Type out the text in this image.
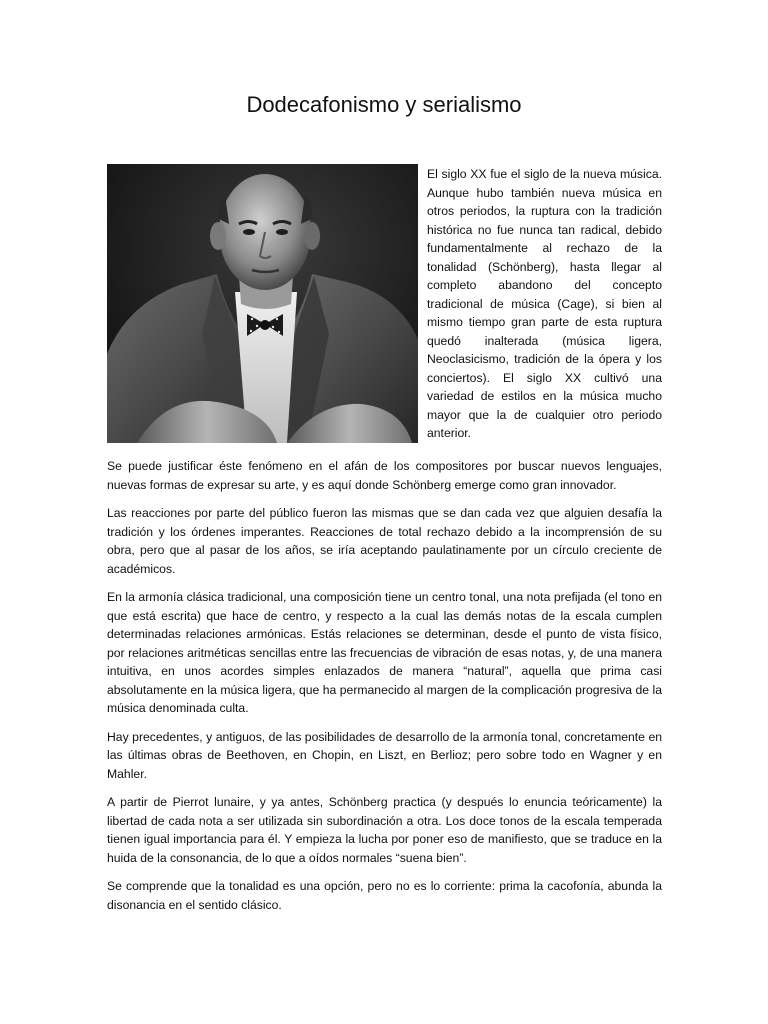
Dodecafonismo y serialismo

El siglo XX fue el siglo de la nueva música. Aunque hubo también nueva música en otros periodos, la ruptura con la tradición histórica no fue nunca tan radical, debido fundamentalmente al rechazo de la tonalidad (Schönberg), hasta llegar al completo abandono del concepto tradicional de música (Cage), si bien al mismo tiempo gran parte de esta ruptura quedó inalterada (música ligera, Neoclasicismo, tradición de la ópera y los conciertos). El siglo XX cultivó una variedad de estilos en la música mucho mayor que la de cualquier otro periodo anterior.

Se puede justificar éste fenómeno en el afán de los compositores por buscar nuevos lenguajes, nuevas formas de expresar su arte, y es aquí donde Schönberg emerge como gran innovador.

Las reacciones por parte del público fueron las mismas que se dan cada vez que alguien desafía la tradición y los órdenes imperantes. Reacciones de total rechazo debido a la incomprensión de su obra, pero que al pasar de los años, se iría aceptando paulatinamente por un círculo creciente de académicos.

En la armonía clásica tradicional, una composición tiene un centro tonal, una nota prefijada (el tono en que está escrita) que hace de centro, y respecto a la cual las demás notas de la escala cumplen determinadas relaciones armónicas. Estás relaciones se determinan, desde el punto de vista físico, por relaciones aritméticas sencillas entre las frecuencias de vibración de esas notas, y, de una manera intuitiva, en unos acordes simples enlazados de manera “natural”, aquella que prima casi absolutamente en la música ligera, que ha permanecido al margen de la complicación progresiva de la música denominada culta.

Hay precedentes, y antiguos, de las posibilidades de desarrollo de la armonía tonal, concretamente en las últimas obras de Beethoven, en Chopin, en Liszt, en Berlioz; pero sobre todo en Wagner y en Mahler.

A partir de Pierrot lunaire, y ya antes, Schönberg practica (y después lo enuncia teóricamente) la libertad de cada nota a ser utilizada sin subordinación a otra. Los doce tonos de la escala temperada tienen igual importancia para él. Y empieza la lucha por poner eso de manifiesto, que se traduce en la huida de la consonancia, de lo que a oídos normales “suena bien”.

Se comprende que la tonalidad es una opción, pero no es lo corriente: prima la cacofonía, abunda la disonancia en el sentido clásico.
